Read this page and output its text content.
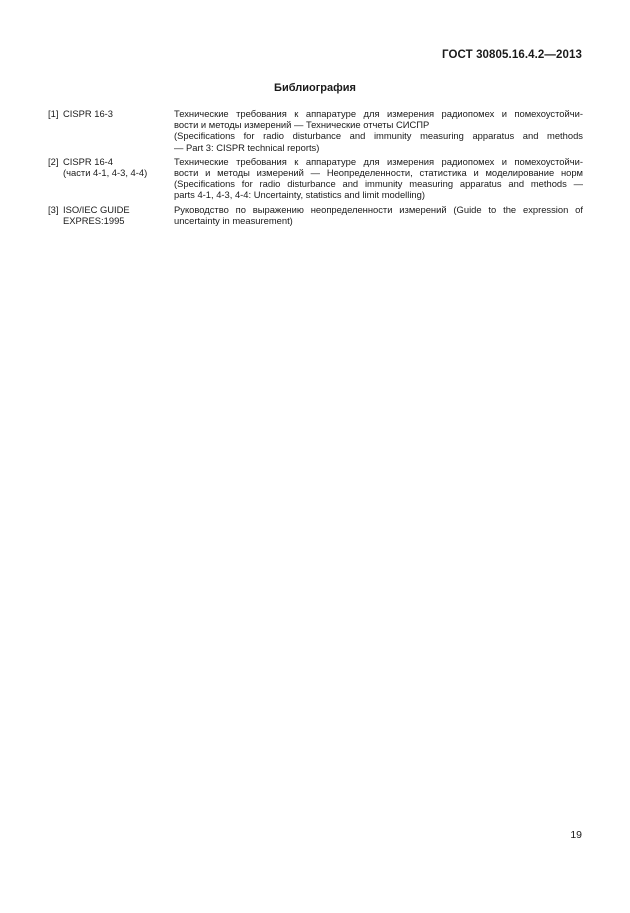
ГОСТ 30805.16.4.2—2013
Библиография
[1] CISPR 16-3	Технические требования к аппаратуре для измерения радиопомех и помехоустойчи-
вости и методы измерений — Технические отчеты СИСПР
(Specifications for radio disturbance and immunity measuring apparatus and methods
— Part 3: CISPR technical reports)
[2] CISPR 16-4
(части 4-1, 4-3, 4-4)
Технические требования к аппаратуре для измерения радиопомех и помехоустойчи-
вости и методы измерений — Неопределенности, статистика и моделирование норм
(Specifications for radio disturbance and immunity measuring apparatus and methods —
parts 4-1, 4-3, 4-4: Uncertainty, statistics and limit modelling)
[3] ISO/IEC GUIDE
EXPRES:1995
Руководство по выражению неопределенности измерений (Guide to the expression of
uncertainty in measurement)
19
